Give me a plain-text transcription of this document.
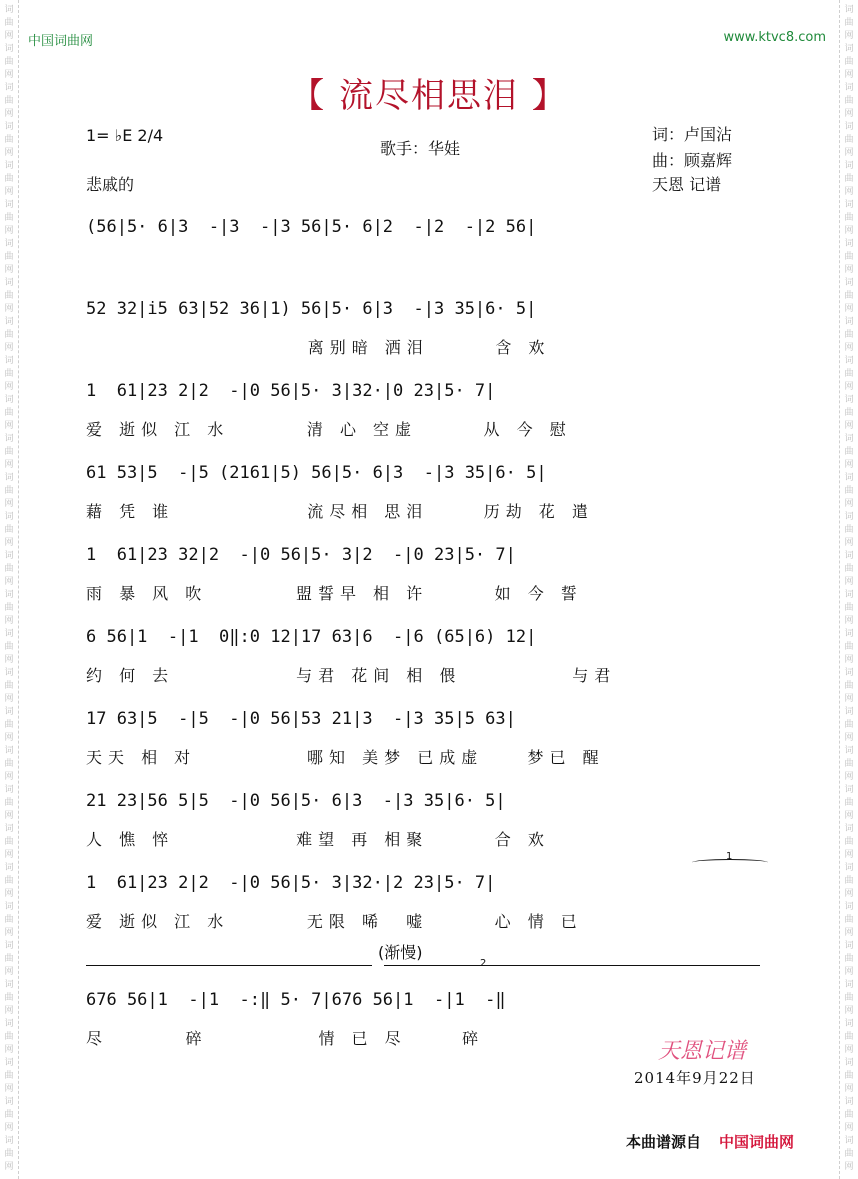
词
曲
网
词
曲
网
词
曲
网
词
曲
网
词
曲
网
词
曲
网
词
曲
网
词
曲
网
词
曲
网
词
曲
网
词
曲
网
词
曲
网
词
曲
网
词
曲
网
词
曲
网
词
曲
网
词
曲
网
词
曲
网
词
曲
网
词
曲
网
词
曲
网
词
曲
网
词
曲
网
词
曲
网
词
曲
网
词
曲
网
词
曲
网
词
曲
网
词
曲
网
词
曲
网
词
曲
网
词
曲
网
词
曲
网
词
曲
网
词
曲
网
词
曲
网
词
曲
网
词
曲
网
词
曲
网
词
曲
网
词
曲
网
词
曲
网
词
曲
网
词
曲
网
词
曲
网
词
曲
网
词
曲
网
词
曲
网
词
曲
网
词
曲
网
词
曲
网
词
曲
网
词
曲
网
词
曲
网
词
曲
网
词
曲
网
词
曲
网
词
曲
网
词
曲
网
词
曲
网
中国词曲网	www.ktvc8.com
【 流尽相思泪 】
1= ♭E 2/4
悲戚的
歌手：华娃
词：卢国沾
曲：顾嘉辉
天恩 记谱
(56|5· 6|3  -|3  -|3 56|5· 6|2  -|2  -|2 56|
52 32|i5 63|52 36|1) 56|5· 6|3  -|3 35|6· 5|
离别暗 洒泪      含 欢
1  61|23 2|2  -|0 56|5· 3|32·|0 23|5· 7|
爱 逝似 江 水       清 心 空虚      从 今 慰
61 53|5  -|5 (2161|5) 56|5· 6|3  -|3 35|6· 5|
藉 凭 谁            流尽相 思泪     历劫 花 遣
1  61|23 32|2  -|0 56|5· 3|2  -|0 23|5· 7|
雨 暴 风 吹        盟誓早 相 许      如 今 誓
6 56|1  -|1  0‖:0 12|17 63|6  -|6 (65|6) 12|
约 何 去           与君 花间 相 偎          与君
17 63|5  -|5  -|0 56|53 21|3  -|3 35|5 63|
天天 相 对          哪知 美梦 已成虚    梦已 醒
21 23|56 5|5  -|0 56|5· 6|3  -|3 35|6· 5|
人 憔 悴           难望 再 相聚      合 欢
1
1  61|23 2|2  -|0 56|5· 3|32·|2 23|5· 7|
爱 逝似 江 水       无限 唏  嘘      心 情 已
(渐慢)
2
676 56|1  -|1  -:‖ 5· 7|676 56|1  -|1  -‖
尽       碎          情 已 尽     碎
天恩记谱
2014年9月22日
本曲谱源自 中国词曲网
